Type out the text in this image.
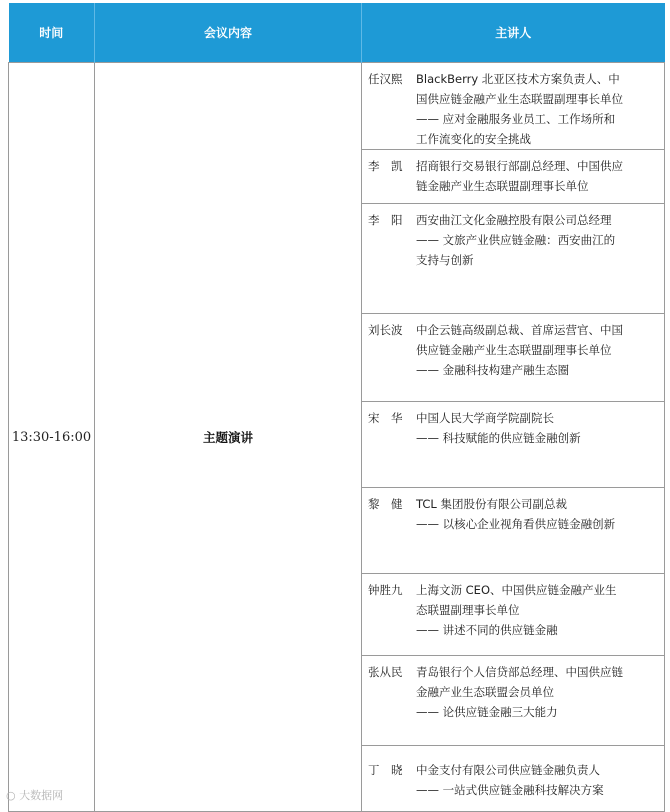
时间	会议内容	主讲人
13:30-16:00	主题演讲	任汉熙 BlackBerry 北亚区技术方案负责人、中
国供应链金融产业生态联盟副理事长单位
—— 应对金融服务业员工、工作场所和
工作流变化的安全挑战

		李　凯 招商银行交易银行部副总经理、中国供应
链金融产业生态联盟副理事长单位

		李　阳 西安曲江文化金融控股有限公司总经理
—— 文旅产业供应链金融：西安曲江的
支持与创新

		刘长波 中企云链高级副总裁、首席运营官、中国
供应链金融产业生态联盟副理事长单位
—— 金融科技构建产融生态圈

		宋　华 中国人民大学商学院副院长
—— 科技赋能的供应链金融创新

		黎　健 TCL 集团股份有限公司副总裁
—— 以核心企业视角看供应链金融创新

		钟胜九 上海文沥 CEO、中国供应链金融产业生
态联盟副理事长单位
—— 讲述不同的供应链金融

		张从民 青岛银行个人信贷部总经理、中国供应链
金融产业生态联盟会员单位
—— 论供应链金融三大能力

		丁　晓 中金支付有限公司供应链金融负责人
—— 一站式供应链金融科技解决方案
○ 大数据网
